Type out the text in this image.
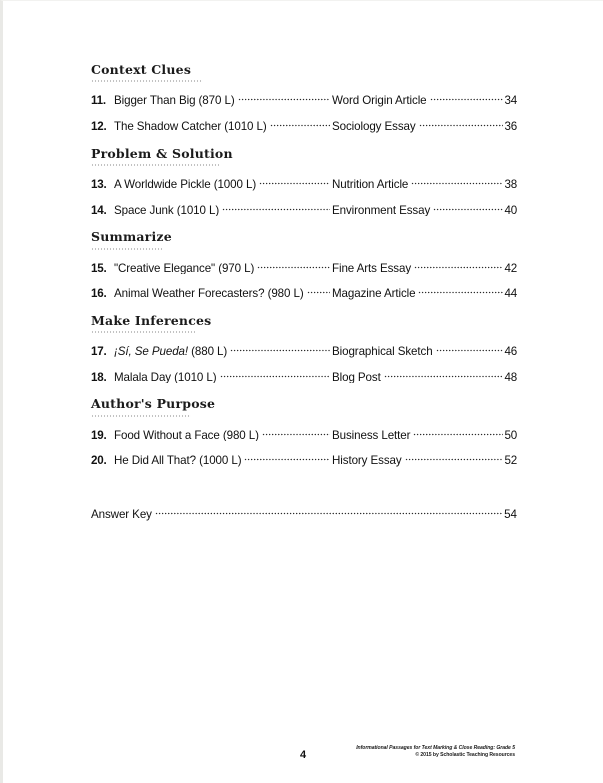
Context Clues
11. Bigger Than Big (870 L)	Word Origin Article	34
12. The Shadow Catcher (1010 L)	Sociology Essay	36
Problem & Solution
13. A Worldwide Pickle (1000 L)	Nutrition Article	38
14. Space Junk (1010 L)	Environment Essay	40
Summarize
15. "Creative Elegance" (970 L)	Fine Arts Essay	42
16. Animal Weather Forecasters? (980 L) Magazine Article	44
Make Inferences
17. ¡Sí, Se Pueda! (880 L)	Biographical Sketch	46
18. Malala Day (1010 L)	Blog Post	48
Author's Purpose
19. Food Without a Face (980 L)	Business Letter	50
20. He Did All That? (1000 L)	History Essay	52
Answer Key	54
4
Informational Passages for Text Marking & Close Reading: Grade 5
© 2015 by Scholastic Teaching Resources
